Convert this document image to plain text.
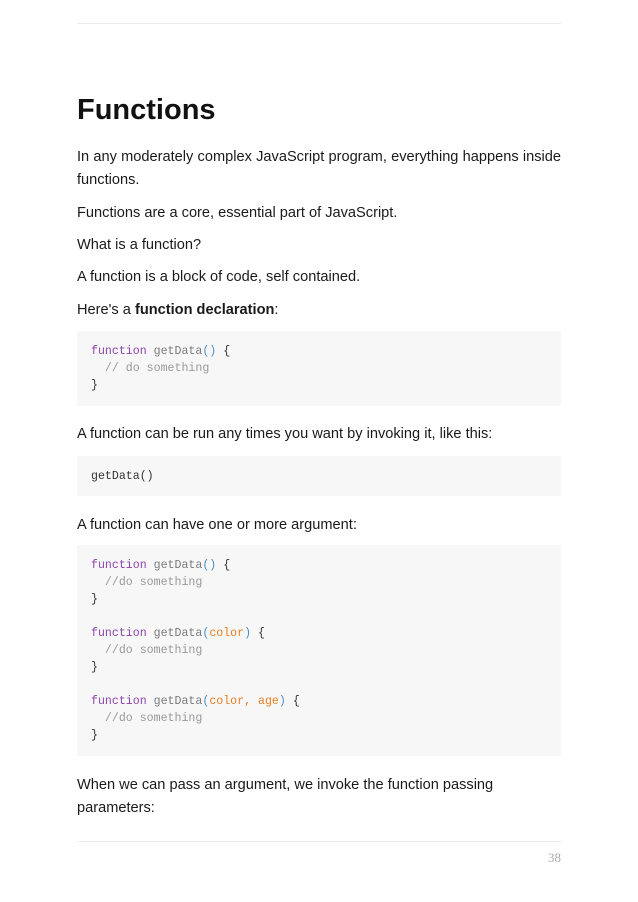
Functions

In any moderately complex JavaScript program, everything happens inside functions.

Functions are a core, essential part of JavaScript.

What is a function?

A function is a block of code, self contained.

Here's a function declaration:

function getData() {
// do something
}

A function can be run any times you want by invoking it, like this:

getData()

A function can have one or more argument:

function getData() {
//do something
}
function getData(color) {
//do something
}
function getData(color, age) {
//do something
}

When we can pass an argument, we invoke the function passing parameters:

38
